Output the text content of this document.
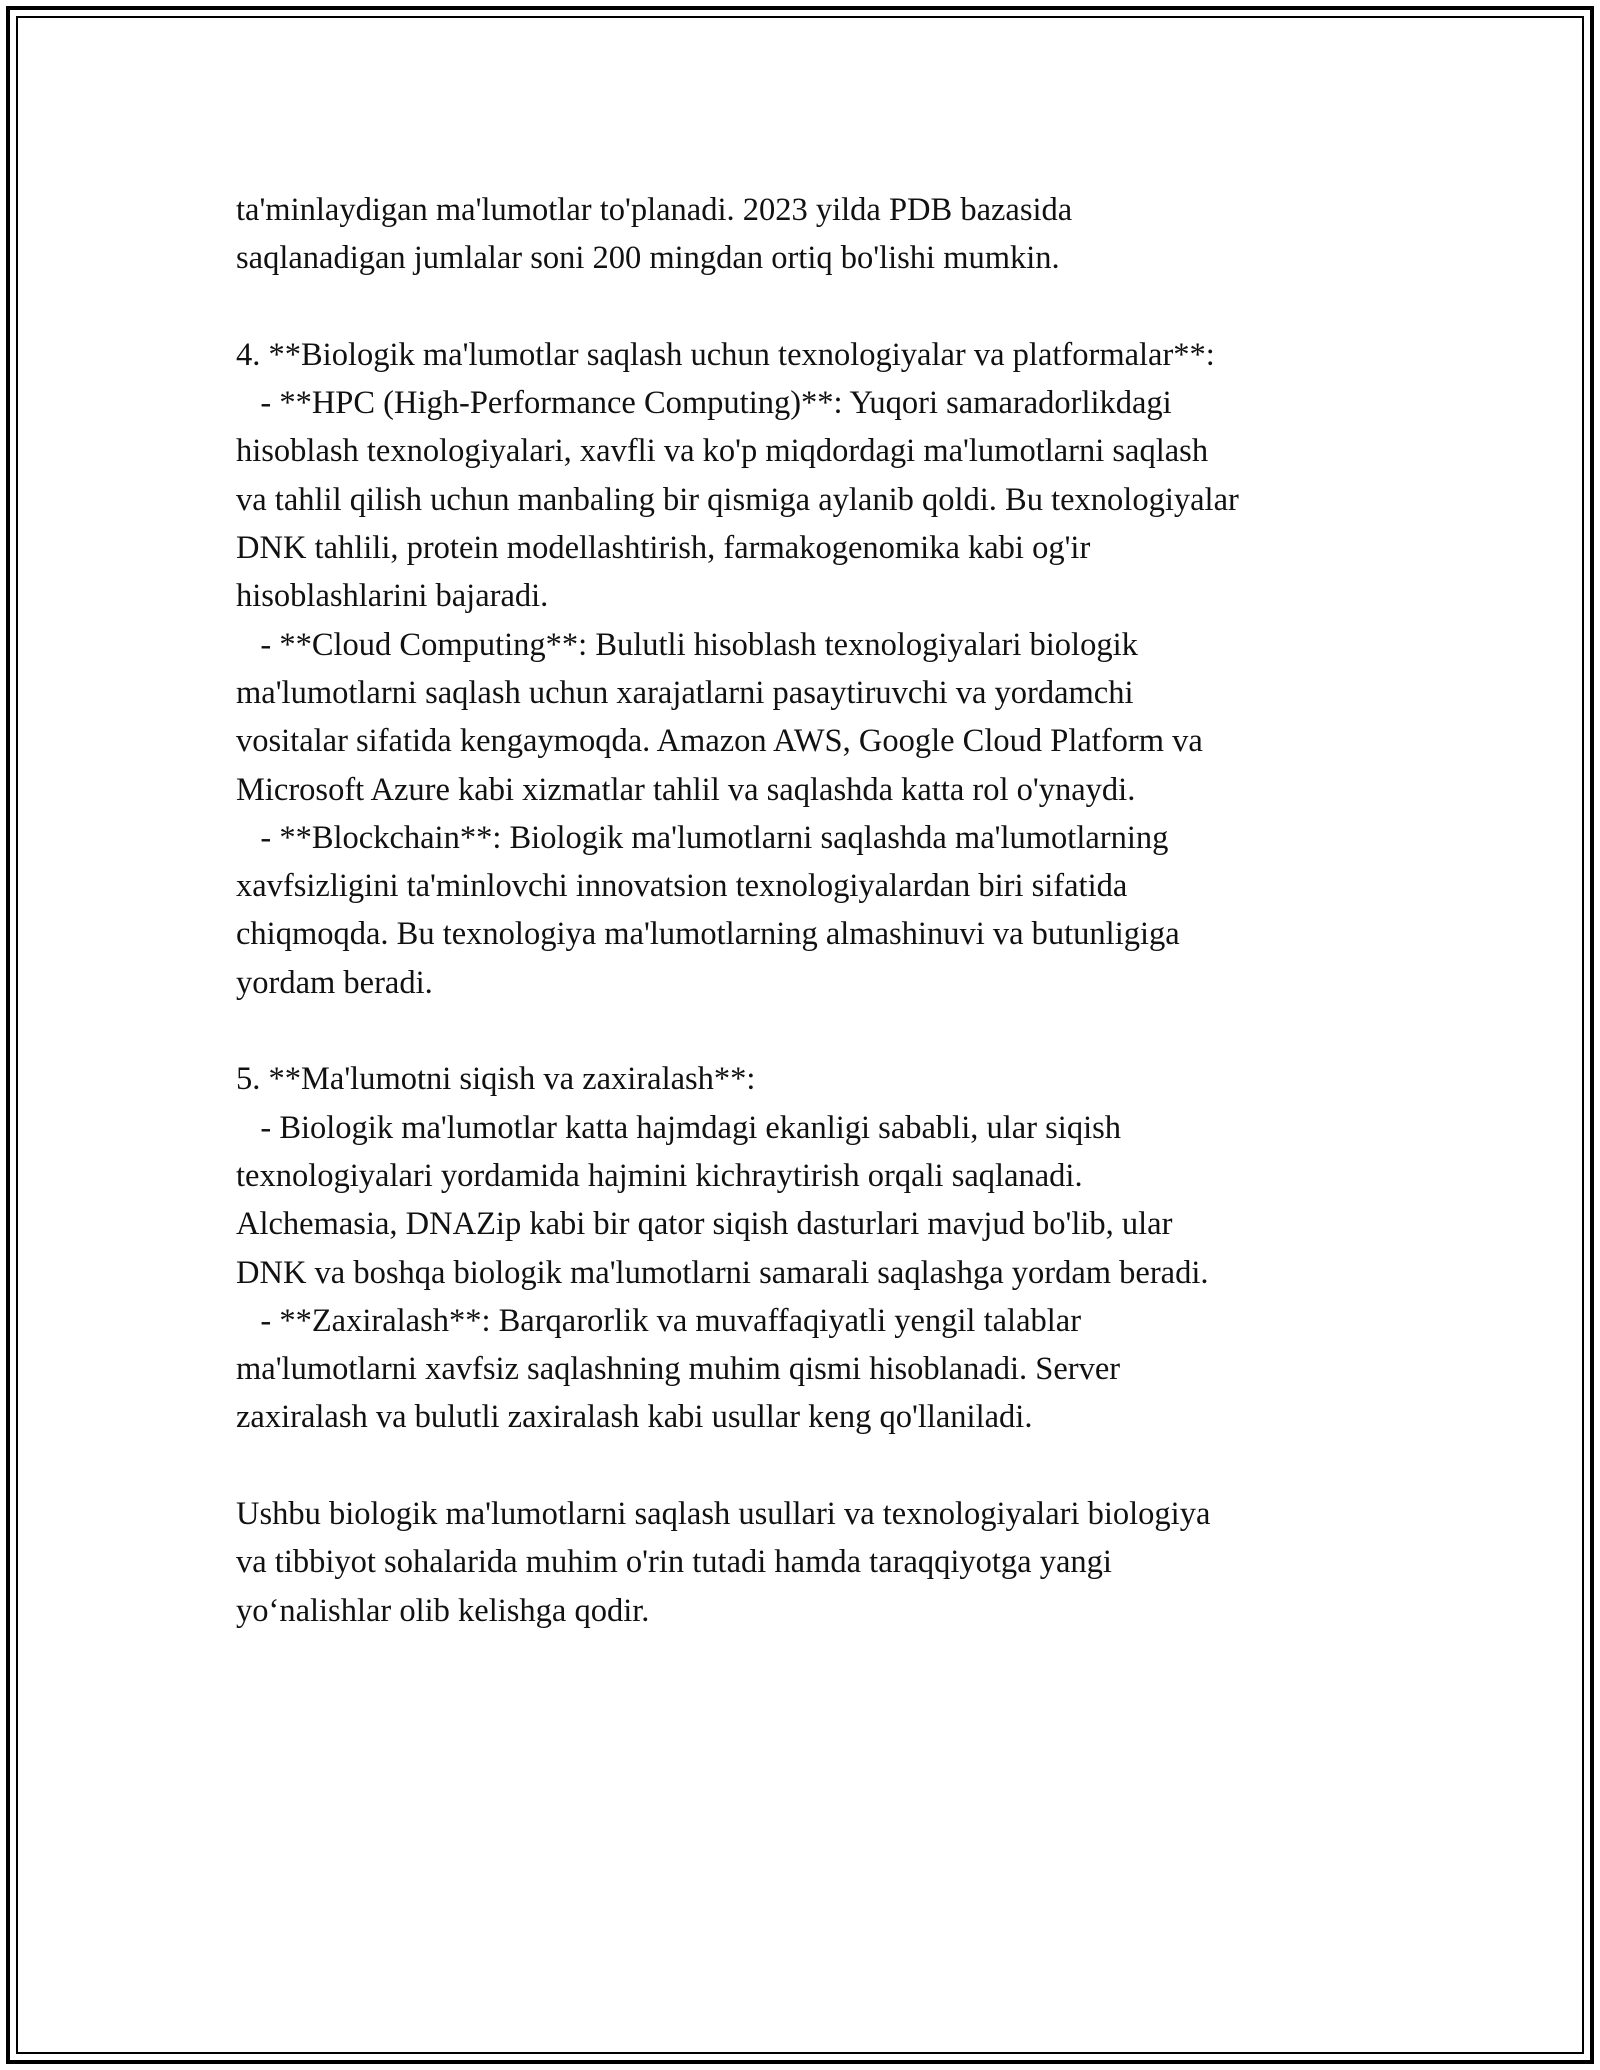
ta'minlaydigan ma'lumotlar to'planadi. 2023 yilda PDB bazasida
saqlanadigan jumlalar soni 200 mingdan ortiq bo'lishi mumkin.
4. **Biologik ma'lumotlar saqlash uchun texnologiyalar va platformalar**:
- **HPC (High-Performance Computing)**: Yuqori samaradorlikdagi
hisoblash texnologiyalari, xavfli va ko'p miqdordagi ma'lumotlarni saqlash
va tahlil qilish uchun manbaling bir qismiga aylanib qoldi. Bu texnologiyalar
DNK tahlili, protein modellashtirish, farmakogenomika kabi og'ir
hisoblashlarini bajaradi.
- **Cloud Computing**: Bulutli hisoblash texnologiyalari biologik
ma'lumotlarni saqlash uchun xarajatlarni pasaytiruvchi va yordamchi
vositalar sifatida kengaymoqda. Amazon AWS, Google Cloud Platform va
Microsoft Azure kabi xizmatlar tahlil va saqlashda katta rol o'ynaydi.
- **Blockchain**: Biologik ma'lumotlarni saqlashda ma'lumotlarning
xavfsizligini ta'minlovchi innovatsion texnologiyalardan biri sifatida
chiqmoqda. Bu texnologiya ma'lumotlarning almashinuvi va butunligiga
yordam beradi.
5. **Ma'lumotni siqish va zaxiralash**:
- Biologik ma'lumotlar katta hajmdagi ekanligi sababli, ular siqish
texnologiyalari yordamida hajmini kichraytirish orqali saqlanadi.
Alchemasia, DNAZip kabi bir qator siqish dasturlari mavjud bo'lib, ular
DNK va boshqa biologik ma'lumotlarni samarali saqlashga yordam beradi.
- **Zaxiralash**: Barqarorlik va muvaffaqiyatli yengil talablar
ma'lumotlarni xavfsiz saqlashning muhim qismi hisoblanadi. Server
zaxiralash va bulutli zaxiralash kabi usullar keng qo'llaniladi.
Ushbu biologik ma'lumotlarni saqlash usullari va texnologiyalari biologiya
va tibbiyot sohalarida muhim o'rin tutadi hamda taraqqiyotga yangi
yo‘nalishlar olib kelishga qodir.
